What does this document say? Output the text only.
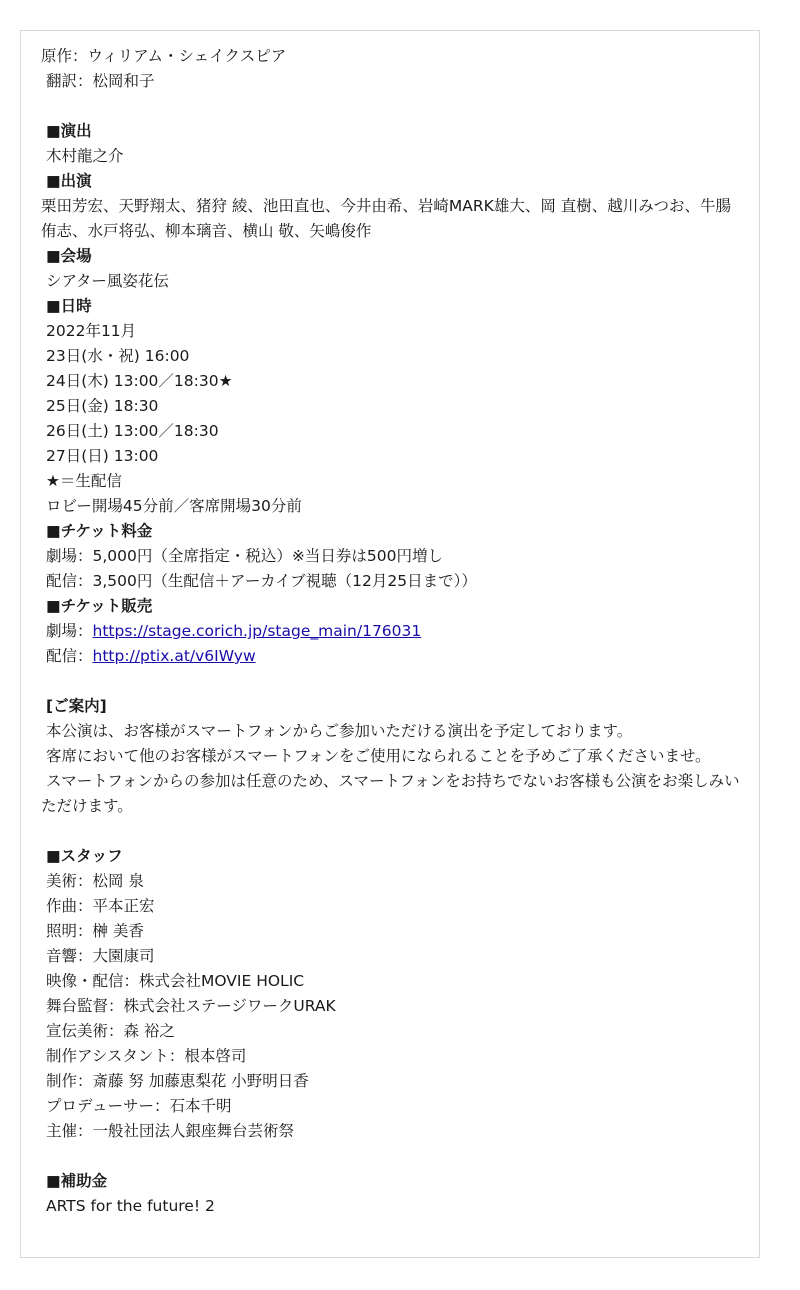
原作：ウィリアム・シェイクスピア
翻訳：松岡和子
■演出
木村龍之介
■出演
栗田芳宏、天野翔太、猪狩 綾、池田直也、今井由希、岩崎MARK雄大、岡 直樹、越川みつお、牛腸侑志、水戸将弘、柳本璃音、横山 敬、矢嶋俊作
■会場
シアター風姿花伝
■日時
2022年11月
23日(水・祝) 16:00
24日(木) 13:00／18:30★
25日(金) 18:30
26日(土) 13:00／18:30
27日(日) 13:00
★＝生配信
ロビー開場45分前／客席開場30分前
■チケット料金
劇場：5,000円（全席指定・税込）※当日券は500円増し
配信：3,500円（生配信＋アーカイブ視聴（12月25日まで））
■チケット販売
劇場：https://stage.corich.jp/stage_main/176031
配信：http://ptix.at/v6IWyw
[ご案内]
本公演は、お客様がスマートフォンからご参加いただける演出を予定しております。
客席において他のお客様がスマートフォンをご使用になられることを予めご了承くださいませ。
スマートフォンからの参加は任意のため、スマートフォンをお持ちでないお客様も公演をお楽しみいただけます。
■スタッフ
美術：松岡 泉
作曲：平本正宏
照明：榊󠄀 美香
音響：大園康司
映像・配信：株式会社MOVIE HOLIC
舞台監督：株式会社ステージワークURAK
宣伝美術：森 裕之
制作アシスタント：根本啓司
制作：斎藤 努 加藤恵梨花 小野明日香
プロデューサー：石本千明
主催：一般社団法人銀座舞台芸術祭
■補助金
ARTS for the future! 2
